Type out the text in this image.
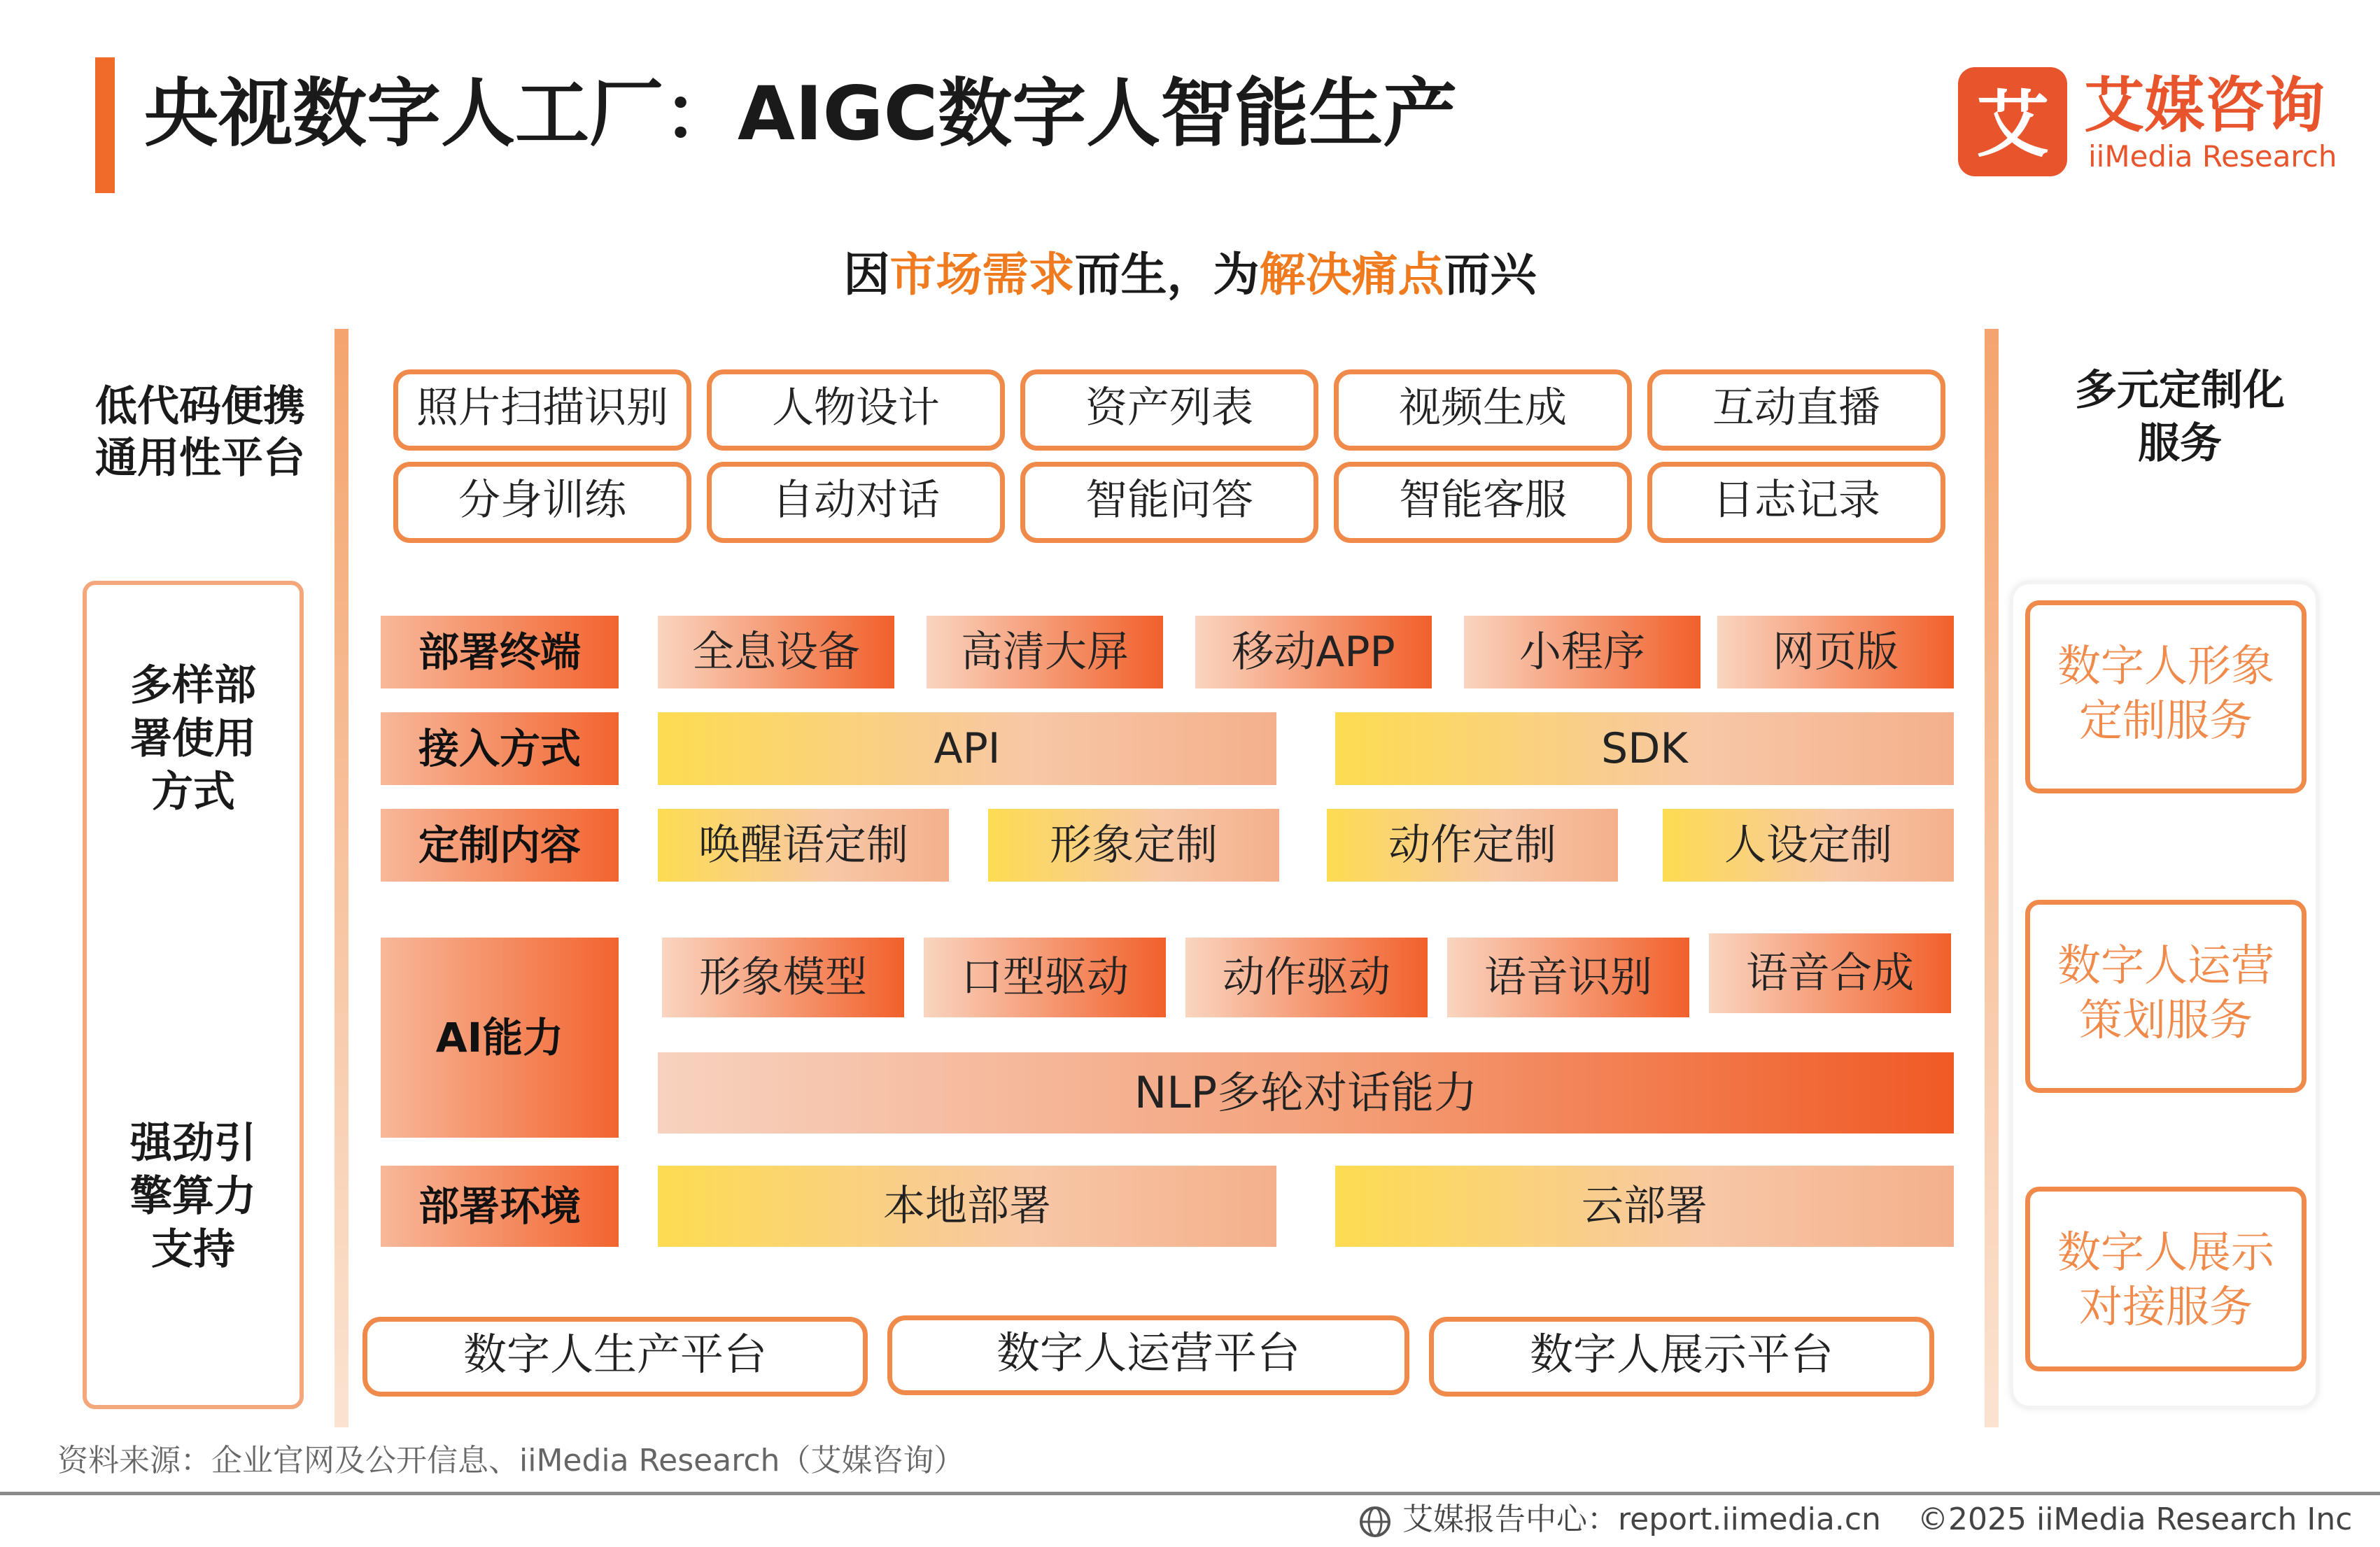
央视数字人工厂：AIGC数字人智能生产	艾 艾媒咨询
iiMedia Research
因市场需求而生，为解决痛点而兴
低代码便携
通用性平台
多样部
署使用
方式
强劲引
擎算力
支持
照片扫描识别	人物设计	资产列表	视频生成	互动直播
分身训练	自动对话	智能问答	智能客服	日志记录
部署终端	全息设备	高清大屏	移动APP	小程序	网页版
接入方式	API	SDK
定制内容	唤醒语定制	形象定制	动作定制	人设定制
AI能力
形象模型	口型驱动	动作驱动	语音识别	语音合成
NLP多轮对话能力
部署环境	本地部署	云部署
数字人生产平台	数字人运营平台	数字人展示平台
多元定制化
服务
数字人形象
定制服务
数字人运营
策划服务
数字人展示
对接服务
资料来源：企业官网及公开信息、iiMedia Research（艾媒咨询）
艾媒报告中心：report.iimedia.cn ©2025 iiMedia Research Inc
